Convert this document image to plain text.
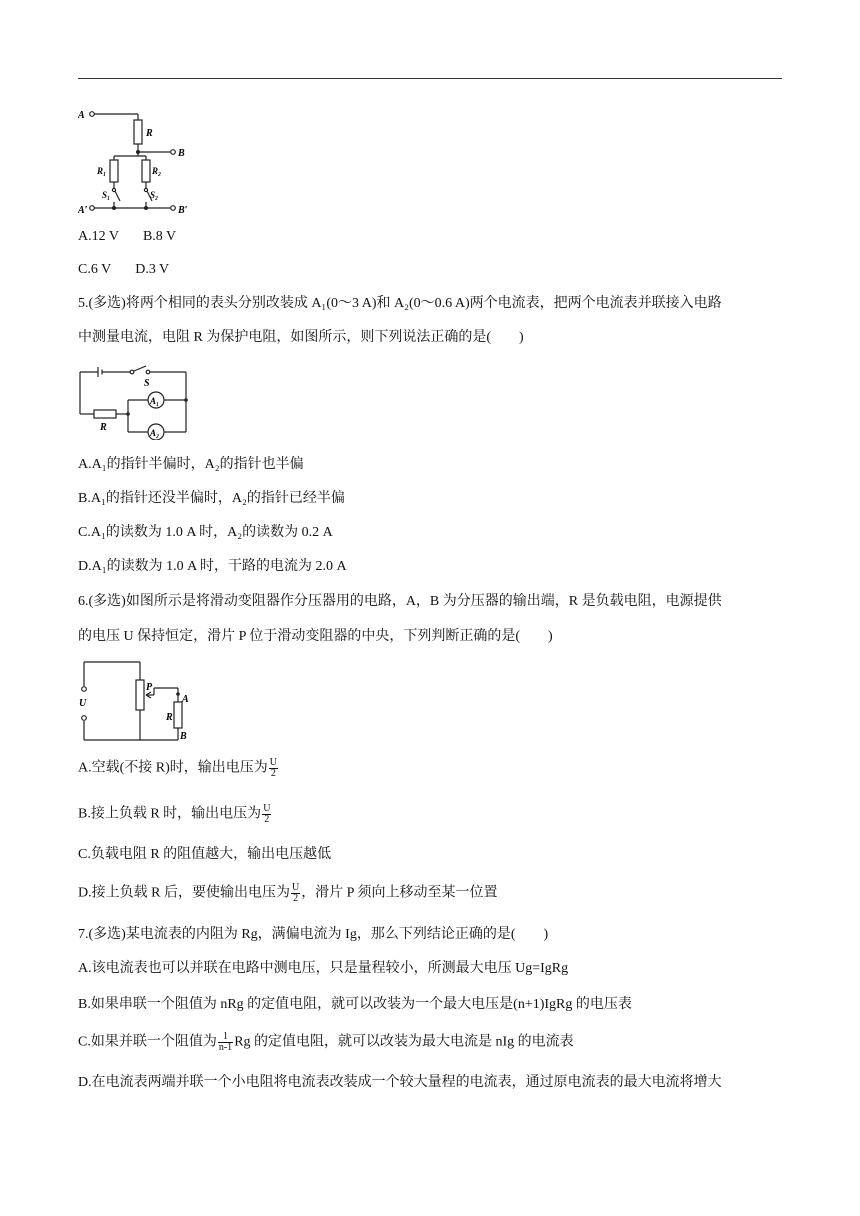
A
R
B
R₁	R₂
S₁	S₂
A′	B′
A.12 V B.8 V
C.6 V D.3 V
5.(多选)将两个相同的表头分别改装成 A₁(0～3 A)和 A₂(0～0.6 A)两个电流表，把两个电流表并联接入电路
中测量电流，电阻 R 为保护电阻，如图所示，则下列说法正确的是(　　)
S
R
A₁
A₂
A.A₁的指针半偏时，A₂的指针也半偏
B.A₁的指针还没半偏时，A₂的指针已经半偏
C.A₁的读数为 1.0 A 时，A₂的读数为 0.2 A
D.A₁的读数为 1.0 A 时，干路的电流为 2.0 A
6.(多选)如图所示是将滑动变阻器作分压器用的电路，A，B 为分压器的输出端，R 是负载电阻，电源提供
的电压 U 保持恒定，滑片 P 位于滑动变阻器的中央，下列判断正确的是(　　)
U
P
A
R
B
A.空载(不接 R)时，输出电压为 $\frac{U}{2}$
B.接上负载 R 时，输出电压为 $\frac{U}{2}$
C.负载电阻 R 的阻值越大，输出电压越低
D.接上负载 R 后，要使输出电压为 $\frac{U}{2}$ ，滑片 P 须向上移动至某一位置
7.(多选)某电流表的内阻为 Rg，满偏电流为 Ig，那么下列结论正确的是(　　)
A.该电流表也可以并联在电路中测电压，只是量程较小，所测最大电压 Ug=IgRg
B.如果串联一个阻值为 nRg 的定值电阻，就可以改装为一个最大电压是(n+1)IgRg 的电压表
C.如果并联一个阻值为 $\frac{1}{n-1}$ Rg 的定值电阻，就可以改装为最大电流是 nIg 的电流表
D.在电流表两端并联一个小电阻将电流表改装成一个较大量程的电流表，通过原电流表的最大电流将增大
